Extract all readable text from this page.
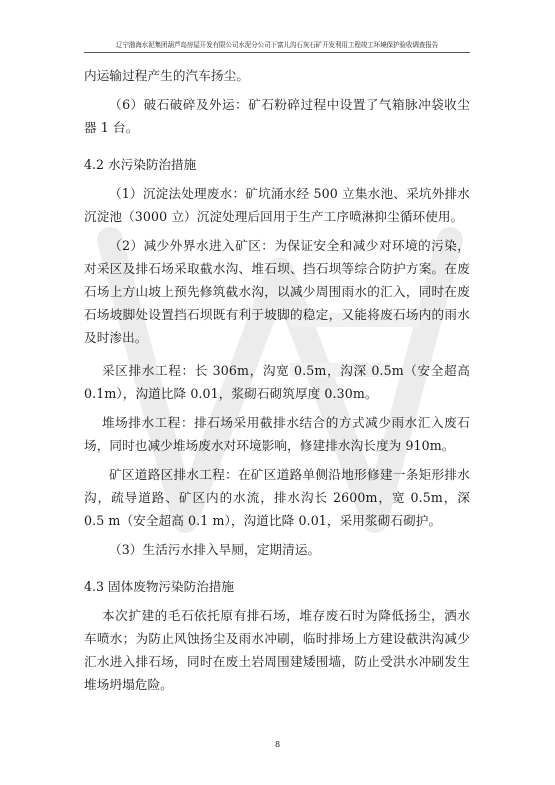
辽宁渤海水泥集团葫芦岛房屋开发有限公司水泥分公司下富儿沟石灰石矿开发利用工程竣工环境保护验收调查报告

内运输过程产生的汽车扬尘。

（6）破石破碎及外运：矿石粉碎过程中设置了气箱脉冲袋收尘器 1 台。

4.2 水污染防治措施

（1）沉淀法处理废水：矿坑涌水经 500 立集水池、采坑外排水沉淀池（3000 立）沉淀处理后回用于生产工序喷淋抑尘循环使用。

（2）减少外界水进入矿区：为保证安全和减少对环境的污染，对采区及排石场采取截水沟、堆石坝、挡石坝等综合防护方案。在废石场上方山坡上预先修筑截水沟，以减少周围雨水的汇入，同时在废石场坡脚处设置挡石坝既有利于坡脚的稳定，又能将废石场内的雨水及时渗出。

采区排水工程：长 306m，沟宽 0.5m，沟深 0.5m（安全超高 0.1m），沟道比降 0.01，浆砌石砌筑厚度 0.30m。

堆场排水工程：排石场采用截排水结合的方式减少雨水汇入废石场，同时也减少堆场废水对环境影响，修建排水沟长度为 910m。

矿区道路区排水工程：在矿区道路单侧沿地形修建一条矩形排水沟，疏导道路、矿区内的水流，排水沟长 2600m，宽 0.5m，深 0.5 m（安全超高 0.1 m），沟道比降 0.01，采用浆砌石砌护。

（3）生活污水排入旱厕，定期清运。

4.3 固体废物污染防治措施

本次扩建的毛石依托原有排石场，堆存废石时为降低扬尘，洒水车喷水；为防止风蚀扬尘及雨水冲刷，临时排场上方建设截洪沟减少汇水进入排石场，同时在废土岩周围建矮围墙，防止受洪水冲刷发生堆场坍塌危险。

8
